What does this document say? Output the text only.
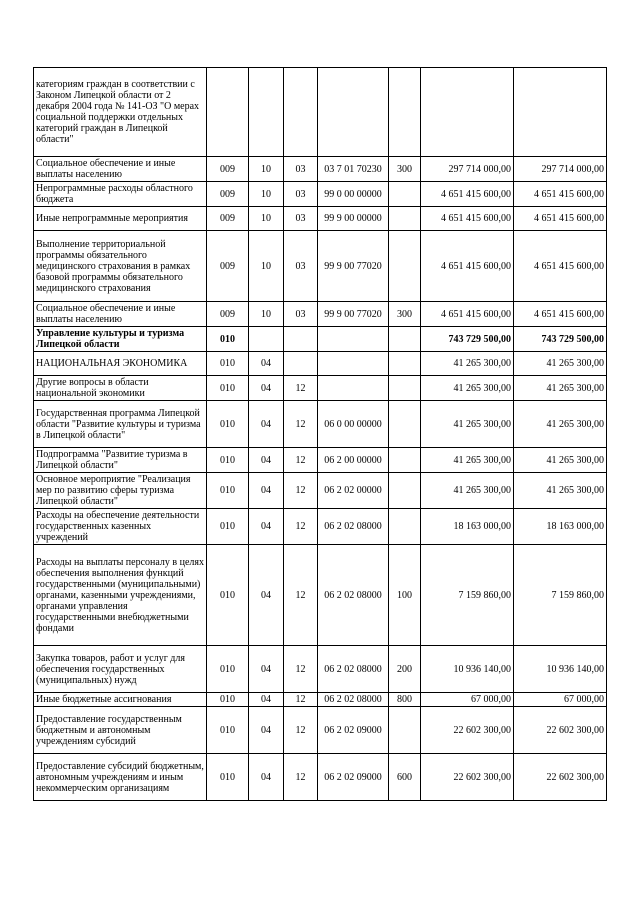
категориям граждан в соответствии с Законом Липецкой области от 2 декабря 2004 года № 141-ОЗ "О мерах социальной поддержки отдельных категорий граждан в Липецкой области"							
Социальное обеспечение и иные выплаты населению	009	10	03	03 7 01 70230	300	297 714 000,00	297 714 000,00
Непрограммные расходы областного бюджета	009	10	03	99 0 00 00000		4 651 415 600,00	4 651 415 600,00
Иные непрограммные мероприятия	009	10	03	99 9 00 00000		4 651 415 600,00	4 651 415 600,00
Выполнение территориальной программы обязательного медицинского страхования в рамках базовой программы обязательного медицинского страхования	009	10	03	99 9 00 77020		4 651 415 600,00	4 651 415 600,00
Социальное обеспечение и иные выплаты населению	009	10	03	99 9 00 77020	300	4 651 415 600,00	4 651 415 600,00
Управление культуры и туризма Липецкой области	010					743 729 500,00	743 729 500,00
НАЦИОНАЛЬНАЯ ЭКОНОМИКА	010	04				41 265 300,00	41 265 300,00
Другие вопросы в области национальной экономики	010	04	12			41 265 300,00	41 265 300,00
Государственная программа Липецкой области "Развитие культуры и туризма в Липецкой области"	010	04	12	06 0 00 00000		41 265 300,00	41 265 300,00
Подпрограмма "Развитие туризма в Липецкой области"	010	04	12	06 2 00 00000		41 265 300,00	41 265 300,00
Основное мероприятие "Реализация мер по развитию сферы туризма Липецкой области"	010	04	12	06 2 02 00000		41 265 300,00	41 265 300,00
Расходы на обеспечение деятельности государственных казенных учреждений	010	04	12	06 2 02 08000		18 163 000,00	18 163 000,00
Расходы на выплаты персоналу в целях обеспечения выполнения функций государственными (муниципальными) органами, казенными учреждениями, органами управления государственными внебюджетными фондами	010	04	12	06 2 02 08000	100	7 159 860,00	7 159 860,00
Закупка товаров, работ и услуг для обеспечения государственных (муниципальных) нужд	010	04	12	06 2 02 08000	200	10 936 140,00	10 936 140,00
Иные бюджетные ассигнования	010	04	12	06 2 02 08000	800	67 000,00	67 000,00
Предоставление государственным бюджетным и автономным учреждениям субсидий	010	04	12	06 2 02 09000		22 602 300,00	22 602 300,00
Предоставление субсидий бюджетным, автономным учреждениям и иным некоммерческим организациям	010	04	12	06 2 02 09000	600	22 602 300,00	22 602 300,00
